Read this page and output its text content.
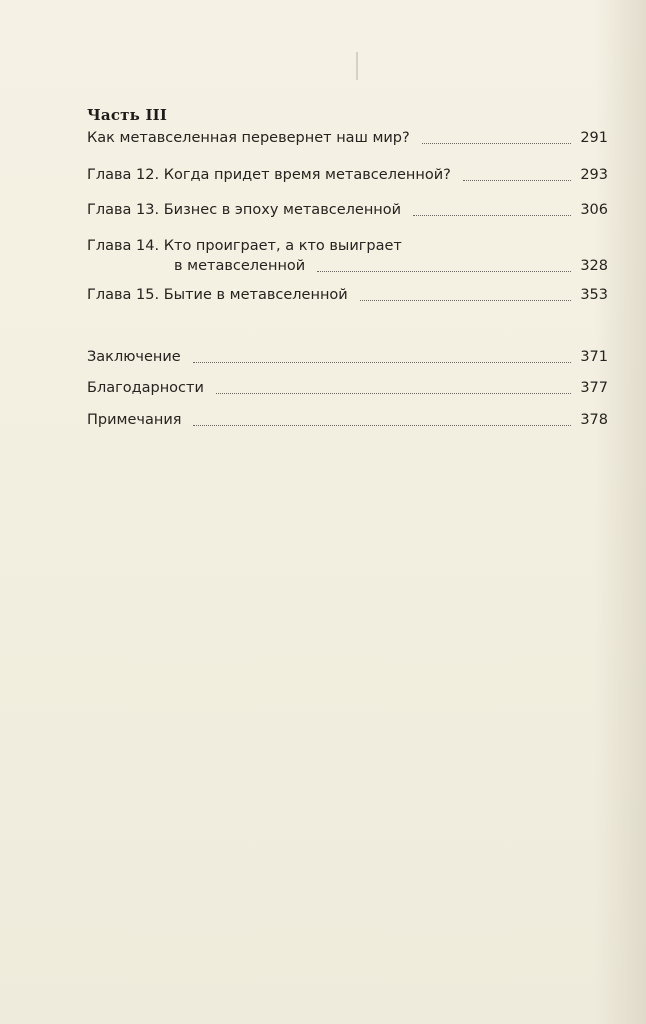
Часть III
Как метавселенная перевернет наш мир?	291
Глава 12. Когда придет время метавселенной?	293
Глава 13. Бизнес в эпоху метавселенной	306
Глава 14. Кто проиграет, а кто выиграет
в метавселенной	328
Глава 15. Бытие в метавселенной	353
Заключение	371
Благодарности	377
Примечания	378
